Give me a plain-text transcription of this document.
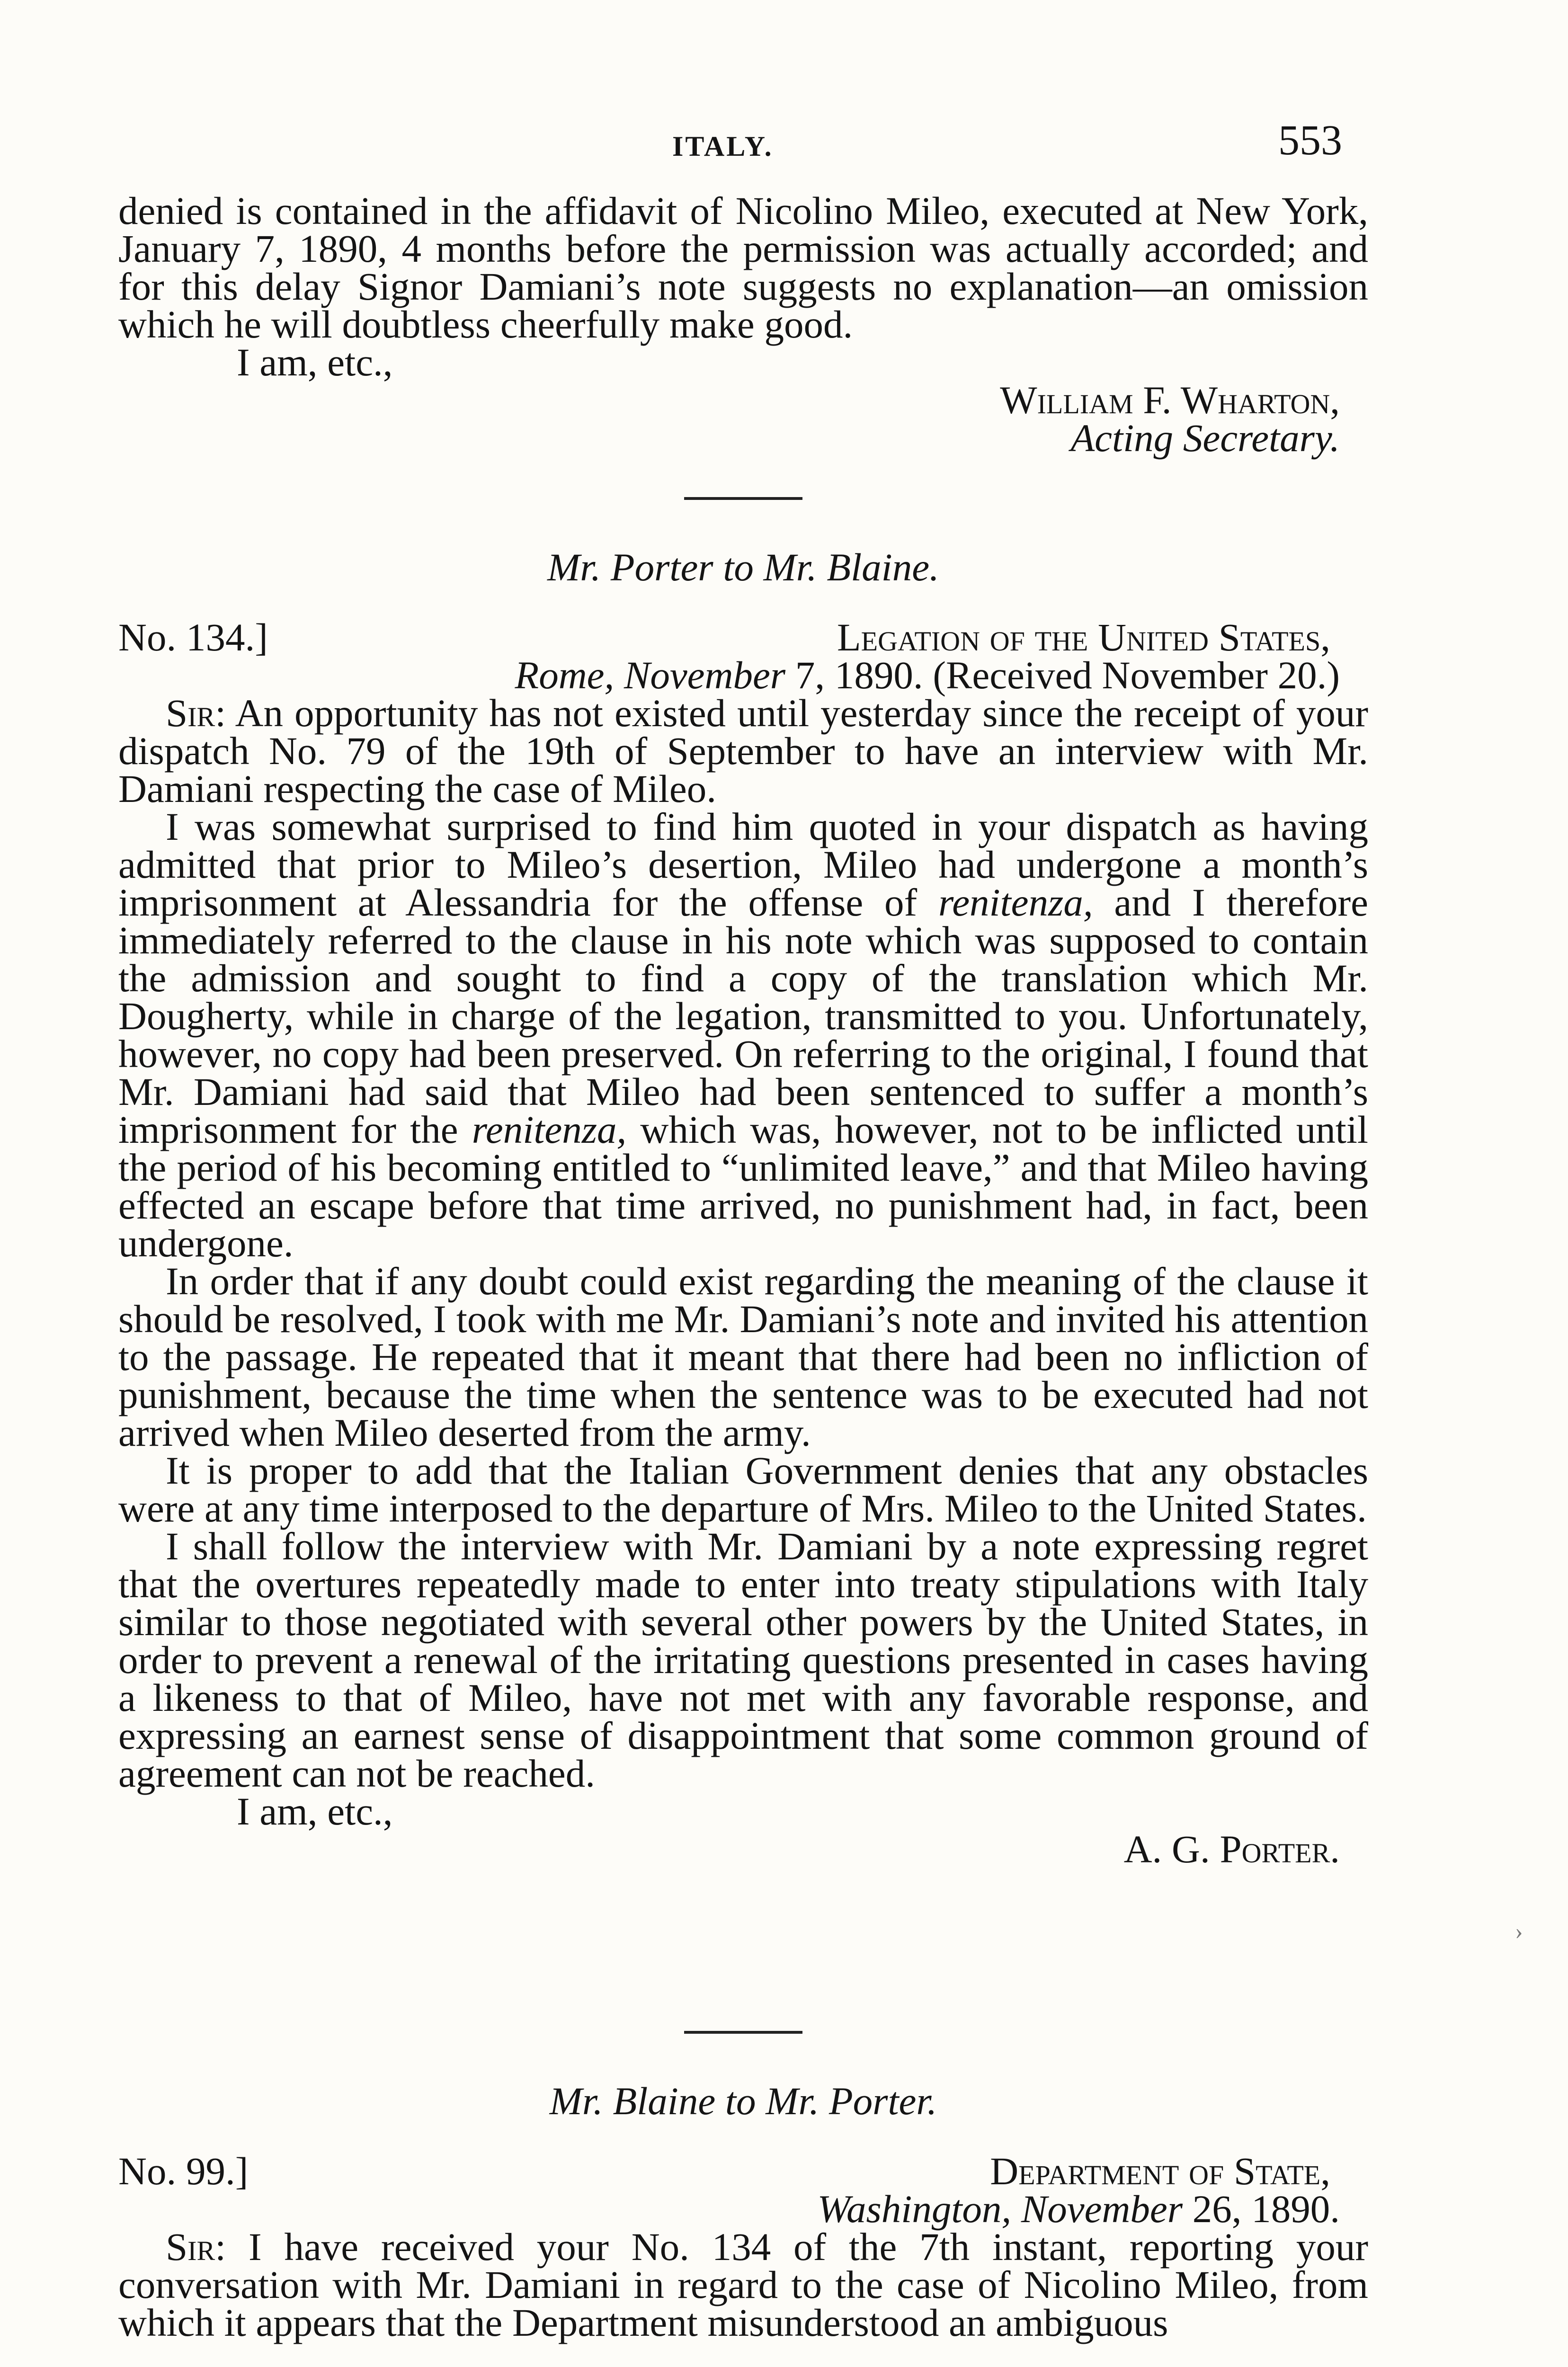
ITALY.	553

denied is contained in the affidavit of Nicolino Mileo, executed at New York, January 7, 1890, 4 months before the permission was actually accorded; and for this delay Signor Damiani’s note suggests no explanation—an omission which he will doubtless cheerfully make good.

I am, etc.,

William F. Wharton,

Acting Secretary.

Mr. Porter to Mr. Blaine.

No. 134.]	Legation of the United States,
Rome, November 7, 1890. (Received November 20.)

Sir: An opportunity has not existed until yesterday since the receipt of your dispatch No. 79 of the 19th of September to have an interview with Mr. Damiani respecting the case of Mileo.

I was somewhat surprised to find him quoted in your dispatch as having admitted that prior to Mileo’s desertion, Mileo had undergone a month’s imprisonment at Alessandria for the offense of renitenza, and I therefore immediately referred to the clause in his note which was supposed to contain the admission and sought to find a copy of the translation which Mr. Dougherty, while in charge of the legation, transmitted to you. Unfortunately, however, no copy had been preserved. On referring to the original, I found that Mr. Damiani had said that Mileo had been sentenced to suffer a month’s imprisonment for the renitenza, which was, however, not to be inflicted until the period of his becoming entitled to “unlimited leave,” and that Mileo having effected an escape before that time arrived, no punishment had, in fact, been undergone.

In order that if any doubt could exist regarding the meaning of the clause it should be resolved, I took with me Mr. Damiani’s note and invited his attention to the passage. He repeated that it meant that there had been no infliction of punishment, because the time when the sentence was to be executed had not arrived when Mileo deserted from the army.

It is proper to add that the Italian Government denies that any obstacles were at any time interposed to the departure of Mrs. Mileo to the United States.

I shall follow the interview with Mr. Damiani by a note expressing regret that the overtures repeatedly made to enter into treaty stipulations with Italy similar to those negotiated with several other powers by the United States, in order to prevent a renewal of the irritating questions presented in cases having a likeness to that of Mileo, have not met with any favorable response, and expressing an earnest sense of disappointment that some common ground of agreement can not be reached.

I am, etc.,

A. G. Porter.

Mr. Blaine to Mr. Porter.

No. 99.]	Department of State,
Washington, November 26, 1890.

Sir: I have received your No. 134 of the 7th instant, reporting your conversation with Mr. Damiani in regard to the case of Nicolino Mileo, from which it appears that the Department misunderstood an ambiguous

›
